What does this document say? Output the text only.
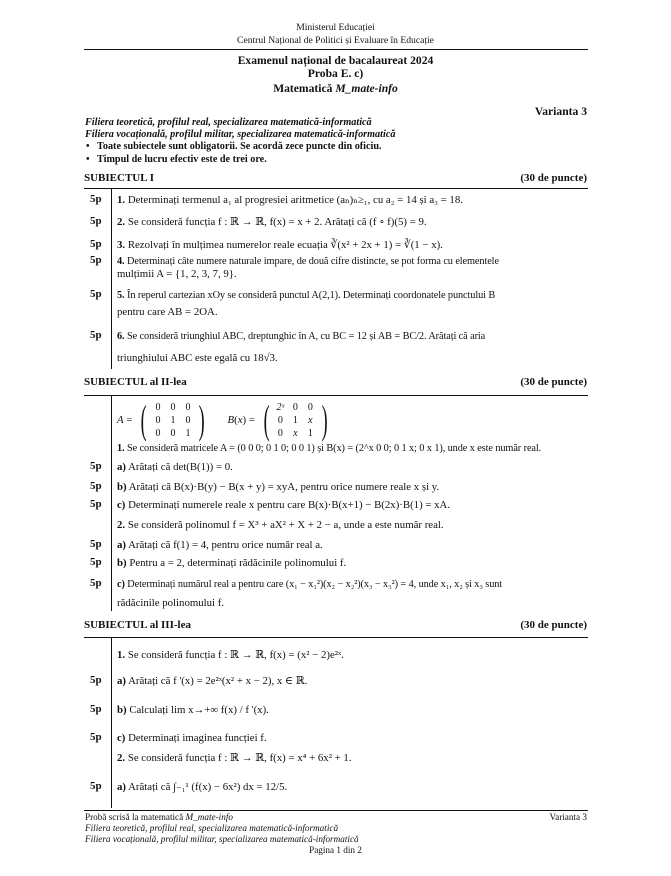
Ministerul Educației
Centrul Național de Politici și Evaluare în Educație
Examenul național de bacalaureat 2024
Proba E. c)
Matematică M_mate-info
Varianta 3
Filiera teoretică, profilul real, specializarea matematică-informatică
Filiera vocațională, profilul militar, specializarea matematică-informatică
• Toate subiectele sunt obligatorii. Se acordă zece puncte din oficiu.
• Timpul de lucru efectiv este de trei ore.
SUBIECTUL I	(30 de puncte)
5p 1. Determinați termenul a₁ al progresiei aritmetice (aₙ)ₙ≥₁, cu a₂ = 14 și a₃ = 18.
5p 2. Se consideră funcția f : ℝ → ℝ, f(x) = x + 2. Arătați că (f ∘ f)(5) = 9.
5p 3. Rezolvați în mulțimea numerelor reale ecuația ∛(x² + 2x + 1) = ∛(1 − x).
5p 4. Determinați câte numere naturale impare, de două cifre distincte, se pot forma cu elementele
mulțimii A = {1, 2, 3, 7, 9}.
5p 5. În reperul cartezian xOy se consideră punctul A(2,1). Determinați coordonatele punctului B
pentru care AB = 2OA.
5p 6. Se consideră triunghiul ABC, dreptunghic în A, cu BC = 12 și AB = BC/2. Arătați că aria
triunghiului ABC este egală cu 18√3.
SUBIECTUL al II-lea	(30 de puncte)
A = ( 0	0	0
0	1	0
0	0	1 ) B(x) = ( 2ˣ 0	0
0	1	x
0	x	1 )
1. Se consideră matricele A = (0 0 0; 0 1 0; 0 0 1) și B(x) = (2^x 0 0; 0 1 x; 0 x 1), unde x este număr real.
5p a) Arătați că det(B(1)) = 0.
5p b) Arătați că B(x)·B(y) − B(x + y) = xyA, pentru orice numere reale x și y.
5p c) Determinați numerele reale x pentru care B(x)·B(x+1) − B(2x)·B(1) = xA.
2. Se consideră polinomul f = X³ + aX² + X + 2 − a, unde a este număr real.
5p a) Arătați că f(1) = 4, pentru orice număr real a.
5p b) Pentru a = 2, determinați rădăcinile polinomului f.
5p c) Determinați numărul real a pentru care (x₁ − x₁²)(x₂ − x₂²)(x₃ − x₃²) = 4, unde x₁, x₂ și x₃ sunt
rădăcinile polinomului f.
SUBIECTUL al III-lea	(30 de puncte)
1. Se consideră funcția f : ℝ → ℝ, f(x) = (x² − 2)e²ˣ.
5p a) Arătați că f '(x) = 2e²ˣ(x² + x − 2), x ∈ ℝ.
5p b) Calculați lim x→+∞ f(x) / f '(x).
5p c) Determinați imaginea funcției f.
2. Se consideră funcția f : ℝ → ℝ, f(x) = x⁴ + 6x² + 1.
5p a) Arătați că ∫₋₁¹ (f(x) − 6x²) dx = 12/5.
Probă scrisă la matematică M_mate-info	Varianta 3
Filiera teoretică, profilul real, specializarea matematică-informatică
Filiera vocațională, profilul militar, specializarea matematică-informatică
Pagina 1 din 2
